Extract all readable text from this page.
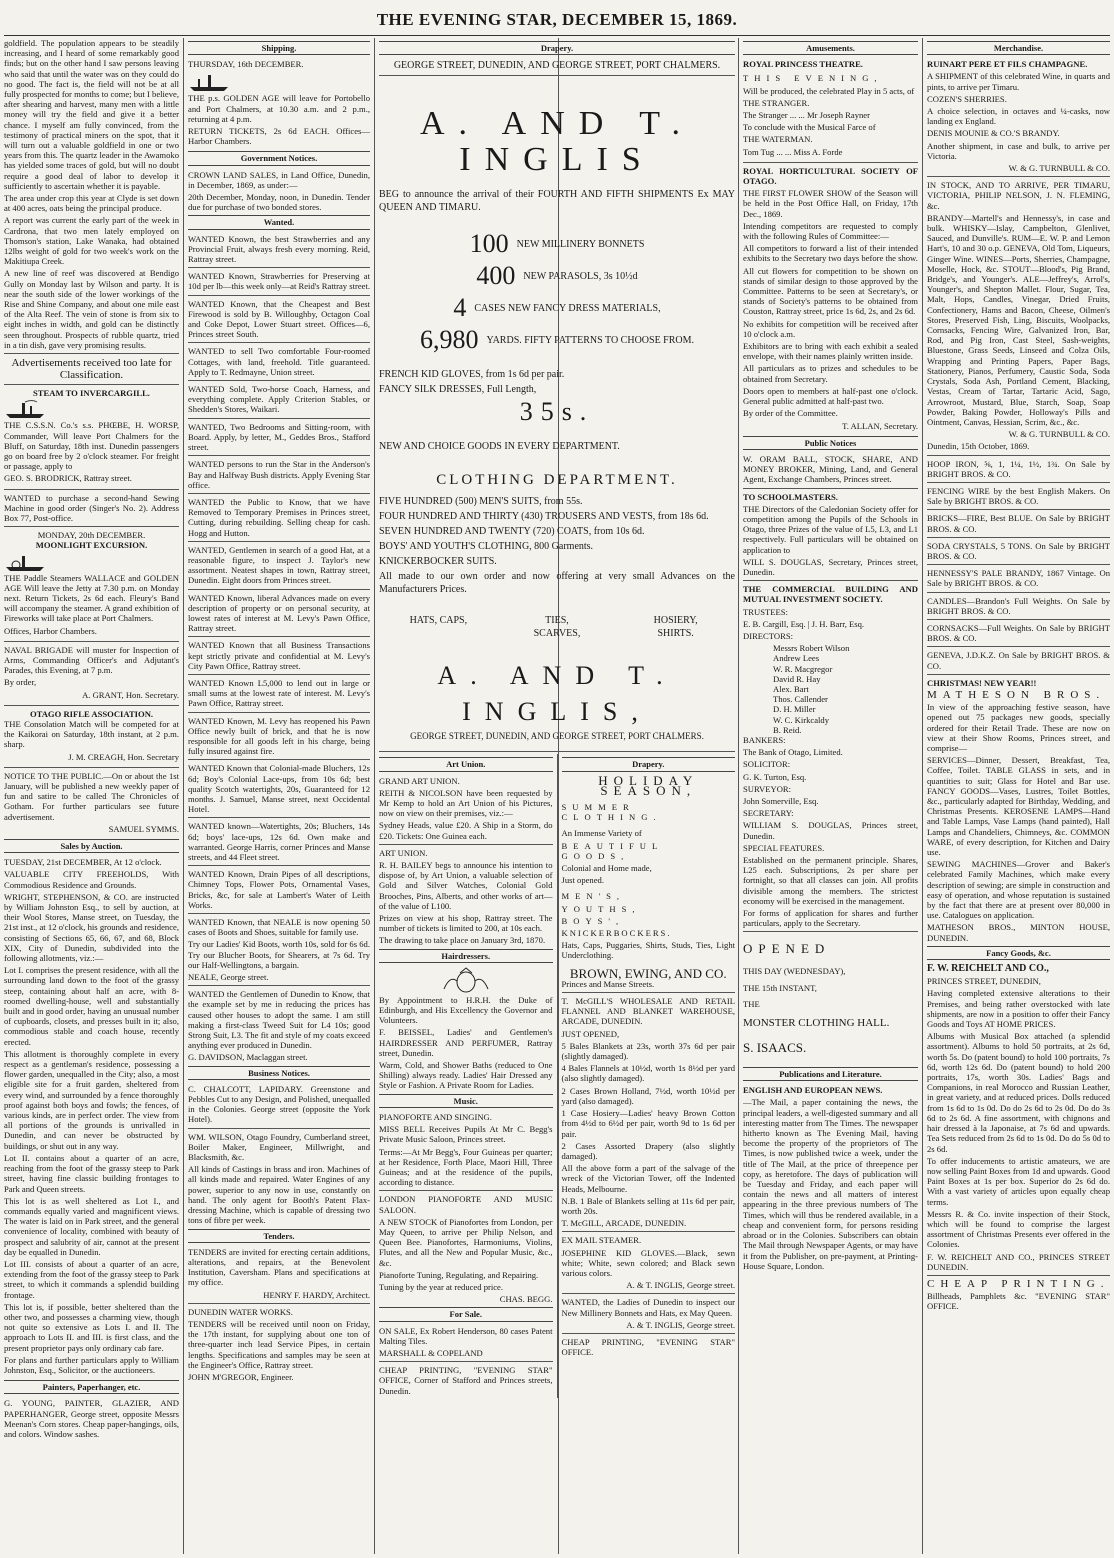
THE EVENING STAR, DECEMBER 15, 1869.

goldfield. The population appears to be steadily increasing, and I heard of some remarkably good finds; but on the other hand I saw persons leaving who said that until the water was on they could do no good. The fact is, the field will not be at all fully prospected for months to come; but I believe, after shearing and harvest, many men with a little money will try the field and give it a better chance. I myself am fully convinced, from the testimony of practical miners on the spot, that it will turn out a valuable goldfield in one or two years from this. The quartz leader in the Awamoko has yielded some traces of gold, but will no doubt require a good deal of labor to develop it sufficiently to ascertain whether it is payable.

The area under crop this year at Clyde is set down at 400 acres, oats being the principal produce.

A report was current the early part of the week in Cardrona, that two men lately employed on Thomson's station, Lake Wanaka, had obtained 12lbs weight of gold for two week's work on the Makitiupa Creek.

A new line of reef was discovered at Bendigo Gully on Monday last by Wilson and party. It is near the south side of the lower workings of the Rise and Shine Company, and about one mile east of the Alta Reef. The vein of stone is from six to eight inches in width, and gold can be distinctly seen throughout. Prospects of rubble quartz, tried in a tin dish, gave very promising results.

Advertisements received too late for Classification.
STEAM TO INVERCARGILL.

THE C.S.S.N. Co.'s s.s. PHŒBE, H. WORSP, Commander, Will leave Port Chalmers for the Bluff, on Saturday, 18th inst. Dunedin passengers go on board free by 2 o'clock steamer. For freight or passage, apply to

GEO. S. BRODRICK, Rattray street.

WANTED to purchase a second-hand Sewing Machine in good order (Singer's No. 2). Address Box 77, Post-office.

MONDAY, 20th DECEMBER.
MOONLIGHT EXCURSION.

THE Paddle Steamers WALLACE and GOLDEN AGE Will leave the Jetty at 7.30 p.m. on Monday next. Return Tickets, 2s 6d each. Fleury's Band will accompany the steamer. A grand exhibition of Fireworks will take place at Port Chalmers.

Offices, Harbor Chambers.

NAVAL BRIGADE will muster for Inspection of Arms, Commanding Officer's and Adjutant's Parades, this Evening, at 7 p.m.

By order,

A. GRANT, Hon. Secretary.

OTAGO RIFLE ASSOCIATION.

THE Consolation Match will be competed for at the Kaikorai on Saturday, 18th instant, at 2 p.m. sharp.

J. M. CREAGH, Hon. Secretary

NOTICE TO THE PUBLIC.—On or about the 1st January, will be published a new weekly paper of fun and satire to be called The Chronicles of Gotham. For further particulars see future advertisement.

SAMUEL SYMMS.

Sales by Auction.

TUESDAY, 21st DECEMBER, At 12 o'clock.

VALUABLE CITY FREEHOLDS, With Commodious Residence and Grounds.

WRIGHT, STEPHENSON, & CO. are instructed by William Johnston Esq., to sell by auction, at their Wool Stores, Manse street, on Tuesday, the 21st inst., at 12 o'clock, his grounds and residence, consisting of Sections 65, 66, 67, and 68, Block XIX, City of Dunedin, subdivided into the following allotments, viz.:—

Lot I. comprises the present residence, with all the surrounding land down to the foot of the grassy steep, containing about half an acre, with 8-roomed dwelling-house, well and substantially built and in good order, having an unusual number of cupboards, closets, and presses built in it; also, commodious stable and coach house, recently erected.

This allotment is thoroughly complete in every respect as a gentleman's residence, possessing a flower garden, unequalled in the City; also, a most eligible site for a fruit garden, sheltered from every wind, and surrounded by a fence thoroughly proof against both boys and fowls; the fences, of various kinds, are in perfect order. The view from all portions of the grounds is unrivalled in Dunedin, and can never be obstructed by buildings, or shut out in any way.

Lot II. contains about a quarter of an acre, reaching from the foot of the grassy steep to Park street, having fine classic building frontages to Park and Queen streets.

This lot is as well sheltered as Lot I., and commands equally varied and magnificent views. The water is laid on in Park street, and the general convenience of locality, combined with beauty of prospect and salubrity of air, cannot at the present day be equalled in Dunedin.

Lot III. consists of about a quarter of an acre, extending from the foot of the grassy steep to Park street, to which it commands a splendid building frontage.

This lot is, if possible, better sheltered than the other two, and possesses a charming view, though not quite so extensive as Lots I. and II. The approach to Lots II. and III. is first class, and the present proprietor pays only ordinary cab fare.

For plans and further particulars apply to William Johnston, Esq., Solicitor, or the auctioneers.

Painters, Paperhanger, etc.

G. YOUNG, PAINTER, GLAZIER, AND PAPERHANGER, George street, opposite Messrs Meenan's Corn stores. Cheap paper-hangings, oils, and colors. Window sashes.

Shipping.

THURSDAY, 16th DECEMBER.

THE p.s. GOLDEN AGE will leave for Portobello and Port Chalmers, at 10.30 a.m. and 2 p.m., returning at 4 p.m.

RETURN TICKETS, 2s 6d EACH. Offices—Harbor Chambers.

Government Notices.

CROWN LAND SALES, in Land Office, Dunedin, in December, 1869, as under:—

20th December, Monday, noon, in Dunedin. Tender due for purchase of two bonded stores.

Wanted.

WANTED Known, the best Strawberries and any Provincial Fruit, always fresh every morning. Reid, Rattray street.

WANTED Known, Strawberries for Preserving at 10d per lb—this week only—at Reid's Rattray street.

WANTED Known, that the Cheapest and Best Firewood is sold by B. Willoughby, Octagon Coal and Coke Depot, Lower Stuart street. Offices—6, Princes street South.

WANTED to sell Two comfortable Four-roomed Cottages, with land, freehold. Title guaranteed. Apply to T. Redmayne, Union street.

WANTED Sold, Two-horse Coach, Harness, and everything complete. Apply Criterion Stables, or Shedden's Stores, Waikari.

WANTED, Two Bedrooms and Sitting-room, with Board. Apply, by letter, M., Geddes Bros., Stafford street.

WANTED persons to run the Star in the Anderson's Bay and Halfway Bush districts. Apply Evening Star office.

WANTED the Public to Know, that we have Removed to Temporary Premises in Princes street, Cutting, during rebuilding. Selling cheap for cash. Hogg and Hutton.

WANTED, Gentlemen in search of a good Hat, at a reasonable figure, to inspect J. Taylor's new assortment. Neatest shapes in town, Rattray street, Dunedin. Eight doors from Princes street.

WANTED Known, liberal Advances made on every description of property or on personal security, at lowest rates of interest at M. Levy's Pawn Office, Rattray street.

WANTED Known that all Business Transactions kept strictly private and confidential at M. Levy's City Pawn Office, Rattray street.

WANTED Known L5,000 to lend out in large or small sums at the lowest rate of interest. M. Levy's Pawn Office, Rattray street.

WANTED Known, M. Levy has reopened his Pawn Office newly built of brick, and that he is now responsible for all goods left in his charge, being fully insured against fire.

WANTED Known that Colonial-made Bluchers, 12s 6d; Boy's Colonial Lace-ups, from 10s 6d; best quality Scotch watertights, 20s, Guaranteed for 12 months. J. Samuel, Manse street, next Occidental Hotel.

WANTED known—Watertights, 20s; Bluchers, 14s 6d; boys' lace-ups, 12s 6d. Own make and warranted. George Harris, corner Princes and Manse streets, and 44 Fleet street.

WANTED Known, Drain Pipes of all descriptions, Chimney Tops, Flower Pots, Ornamental Vases, Bricks, &c, for sale at Lambert's Water of Leith Works.

WANTED Known, that NEALE is now opening 50 cases of Boots and Shoes, suitable for family use.

Try our Ladies' Kid Boots, worth 10s, sold for 6s 6d. Try our Blucher Boots, for Shearers, at 7s 6d. Try our Half-Wellingtons, a bargain.

NEALE, George street.

WANTED the Gentlemen of Dunedin to Know, that the example set by me in reducing the prices has caused other houses to adopt the same. I am still making a first-class Tweed Suit for L4 10s; good Strong Suit, L3. The fit and style of my coats exceed anything ever produced in Dunedin.

G. DAVIDSON, Maclaggan street.

Business Notices.

C. CHALCOTT, LAPIDARY. Greenstone and Pebbles Cut to any Design, and Polished, unequalled in the Colonies. George street (opposite the York Hotel).

WM. WILSON, Otago Foundry, Cumberland street, Boiler Maker, Engineer, Millwright, and Blacksmith, &c.

All kinds of Castings in brass and iron. Machines of all kinds made and repaired. Water Engines of any power, superior to any now in use, constantly on hand. The only agent for Booth's Patent Flax-dressing Machine, which is capable of dressing two tons of fibre per week.

Tenders.

TENDERS are invited for erecting certain additions, alterations, and repairs, at the Benevolent Institution, Caversham. Plans and specifications at my office.

HENRY F. HARDY, Architect.

DUNEDIN WATER WORKS.

TENDERS will be received until noon on Friday, the 17th instant, for supplying about one ton of three-quarter inch lead Service Pipes, in certain lengths. Specifications and samples may be seen at the Engineer's Office, Rattray street.

JOHN M'GREGOR, Engineer.

Drapery.
GEORGE STREET, DUNEDIN, AND GEORGE STREET, PORT CHALMERS.
A. AND T. INGLIS

BEG to announce the arrival of their FOURTH AND FIFTH SHIPMENTS Ex MAY QUEEN AND TIMARU.

100 NEW MILLINERY BONNETS
400 NEW PARASOLS, 3s 10½d
4 CASES NEW FANCY DRESS MATERIALS,
6,980 YARDS. FIFTY PATTERNS TO CHOOSE FROM.

FRENCH KID GLOVES, from 1s 6d per pair.

FANCY SILK DRESSES, Full Length,

35s.

NEW AND CHOICE GOODS IN EVERY DEPARTMENT.

CLOTHING DEPARTMENT.

FIVE HUNDRED (500) MEN'S SUITS, from 55s.

FOUR HUNDRED AND THIRTY (430) TROUSERS AND VESTS, from 18s 6d.

SEVEN HUNDRED AND TWENTY (720) COATS, from 10s 6d.

BOYS' AND YOUTH'S CLOTHING, 800 Garments.

KNICKERBOCKER SUITS.

All made to our own order and now offering at very small Advances on the Manufacturers Prices.

HATS, CAPS,	TIES, SCARVES,
HOSIERY, SHIRTS.
A. AND T. INGLIS,
GEORGE STREET, DUNEDIN, AND GEORGE STREET, PORT CHALMERS.
Art Union.

GRAND ART UNION.

REITH & NICOLSON have been requested by Mr Kemp to hold an Art Union of his Pictures, now on view on their premises, viz.:—

Sydney Heads, value £20. A Ship in a Storm, do £20. Tickets: One Guinea each.

ART UNION.

R. H. BAILEY begs to announce his intention to dispose of, by Art Union, a valuable selection of Gold and Silver Watches, Colonial Gold Brooches, Pins, Alberts, and other works of art—of the value of L100.

Prizes on view at his shop, Rattray street. The number of tickets is limited to 200, at 10s each.

The drawing to take place on January 3rd, 1870.

Hairdressers.

By Appointment to H.R.H. the Duke of Edinburgh, and His Excellency the Governor and Volunteers.

F. BEISSEL, Ladies' and Gentlemen's HAIRDRESSER AND PERFUMER, Rattray street, Dunedin.

Warm, Cold, and Shower Baths (reduced to One Shilling) always ready. Ladies' Hair Dressed any Style or Fashion. A Private Room for Ladies.

Music.

PIANOFORTE AND SINGING.

MISS BELL Receives Pupils At Mr C. Begg's Private Music Saloon, Princes street.

Terms:—At Mr Begg's, Four Guineas per quarter; at her Residence, Forth Place, Maori Hill, Three Guineas; and at the residence of the pupils, according to distance.

LONDON PIANOFORTE AND MUSIC SALOON.

A NEW STOCK of Pianofortes from London, per May Queen, to arrive per Philip Nelson, and Queen Bee. Pianofortes, Harmoniums, Violins, Flutes, and all the New and Popular Music, &c., &c.

Pianoforte Tuning, Regulating, and Repairing.

Tuning by the year at reduced price.

CHAS. BEGG.

For Sale.

ON SALE, Ex Robert Henderson, 80 cases Patent Malting Tiles.

MARSHALL & COPELAND

CHEAP PRINTING, "EVENING STAR" OFFICE, Corner of Stafford and Princes streets, Dunedin.

Drapery.
HOLIDAY SEASON,

SUMMER CLOTHING.

An Immense Variety of

BEAUTIFUL GOODS,

Colonial and Home made,

Just opened.

MEN'S,

YOUTHS,

BOYS',

KNICKERBOCKERS.

Hats, Caps, Puggaries, Shirts, Studs, Ties, Light Underclothing.

BROWN, EWING, AND CO.

Princes and Manse Streets.

T. McGILL'S WHOLESALE AND RETAIL FLANNEL AND BLANKET WAREHOUSE, ARCADE, DUNEDIN.

JUST OPENED,

5 Bales Blankets at 23s, worth 37s 6d per pair (slightly damaged).

4 Bales Flannels at 10½d, worth 1s 8½d per yard (also slightly damaged).

2 Cases Brown Holland, 7½d, worth 10½d per yard (also damaged).

1 Case Hosiery—Ladies' heavy Brown Cotton from 4½d to 6½d per pair, worth 9d to 1s 6d per pair.

2 Cases Assorted Drapery (also slightly damaged).

All the above form a part of the salvage of the wreck of the Victorian Tower, off the Indented Heads, Melbourne.

N.B. 1 Bale of Blankets selling at 11s 6d per pair, worth 20s.

T. McGILL, ARCADE, DUNEDIN.

EX MAIL STEAMER.

JOSEPHINE KID GLOVES.—Black, sewn white; White, sewn colored; and Black sewn various colors.

A. & T. INGLIS, George street.

WANTED, the Ladies of Dunedin to inspect our New Millinery Bonnets and Hats, ex May Queen.

A. & T. INGLIS, George street.

CHEAP PRINTING, "EVENING STAR" OFFICE.

Amusements.

ROYAL PRINCESS THEATRE.

THIS EVENING,

Will be produced, the celebrated Play in 5 acts, of

THE STRANGER.

The Stranger ... ... Mr Joseph Rayner

To conclude with the Musical Farce of

THE WATERMAN.

Tom Tug ... ... Miss A. Forde

ROYAL HORTICULTURAL SOCIETY OF OTAGO.

THE FIRST FLOWER SHOW of the Season will be held in the Post Office Hall, on Friday, 17th Dec., 1869.

Intending competitors are requested to comply with the following Rules of Committee:—

All competitors to forward a list of their intended exhibits to the Secretary two days before the show.

All cut flowers for competition to be shown on stands of similar design to those approved by the Committee. Patterns to be seen at Secretary's, or stands of Society's patterns to be obtained from Couston, Rattray street, price 1s 6d, 2s, and 2s 6d.

No exhibits for competition will be received after 10 o'clock a.m.

Exhibitors are to bring with each exhibit a sealed envelope, with their names plainly written inside.

All particulars as to prizes and schedules to be obtained from Secretary.

Doors open to members at half-past one o'clock. General public admitted at half-past two.

By order of the Committee.

T. ALLAN, Secretary.

Public Notices

W. ORAM BALL, STOCK, SHARE, AND MONEY BROKER, Mining, Land, and General Agent, Exchange Chambers, Princes street.

TO SCHOOLMASTERS.

THE Directors of the Caledonian Society offer for competition among the Pupils of the Schools in Otago, three Prizes of the value of L5, L3, and L1 respectively. Full particulars will be obtained on application to

WILL S. DOUGLAS, Secretary, Princes street, Dunedin.

THE COMMERCIAL BUILDING AND MUTUAL INVESTMENT SOCIETY.

TRUSTEES:

E. B. Cargill, Esq. | J. H. Barr, Esq.

DIRECTORS:

Messrs Robert Wilson
Andrew Lees
W. R. Macgregor
David R. Hay
Alex. Bart
Thos. Callender
D. H. Miller
W. C. Kirkcaldy
B. Reid.

BANKERS:

The Bank of Otago, Limited.

SOLICITOR:

G. K. Turton, Esq.

SURVEYOR:

John Somerville, Esq.

SECRETARY:

WILLIAM S. DOUGLAS, Princes street, Dunedin.

SPECIAL FEATURES.

Established on the permanent principle. Shares, L25 each. Subscriptions, 2s per share per fortnight, so that all classes can join. All profits divisible among the members. The strictest economy will be exercised in the management.

For forms of application for shares and further particulars, apply to the Secretary.

OPENED

THIS DAY (WEDNESDAY),

THE 15th INSTANT,

THE

MONSTER CLOTHING HALL.

S. ISAACS.

Publications and Literature.

ENGLISH AND EUROPEAN NEWS.

—The Mail, a paper containing the news, the principal leaders, a well-digested summary and all interesting matter from The Times. The newspaper hitherto known as The Evening Mail, having become the property of the proprietors of The Times, is now published twice a week, under the title of The Mail, at the price of threepence per copy, as heretofore. The days of publication will be Tuesday and Friday, and each paper will contain the news and all matters of interest appearing in the three previous numbers of The Times, which will thus be rendered available, in a cheap and convenient form, for persons residing abroad or in the Colonies. Subscribers can obtain The Mail through Newspaper Agents, or may have it from the Publisher, on pre-payment, at Printing-House Square, London.

Merchandise.

RUINART PERE ET FILS CHAMPAGNE.

A SHIPMENT of this celebrated Wine, in quarts and pints, to arrive per Timaru.

COZEN'S SHERRIES.

A choice selection, in octaves and ¼-casks, now landing ex England.

DENIS MOUNIE & CO.'S BRANDY.

Another shipment, in case and bulk, to arrive per Victoria.

W. & G. TURNBULL & CO.

IN STOCK, AND TO ARRIVE, PER TIMARU, VICTORIA, PHILIP NELSON, J. N. FLEMING, &c.

BRANDY—Martell's and Hennessy's, in case and bulk. WHISKY—Islay, Campbelton, Glenlivet, Sauced, and Dunville's. RUM—E. W. P. and Lemon Hart's, 10 and 30 o.p. GENEVA, Old Tom, Liqueurs, Ginger Wine. WINES—Ports, Sherries, Champagne, Moselle, Hock, &c. STOUT—Blood's, Pig Brand, Bridge's, and Younger's. ALE—Jeffrey's, Arrol's, Younger's, and Shepton Mallet. Flour, Sugar, Tea, Malt, Hops, Candles, Vinegar, Dried Fruits, Confectionery, Hams and Bacon, Cheese, Oilmen's Stores, Preserved Fish, Ling, Biscuits, Woolpacks, Cornsacks, Fencing Wire, Galvanized Iron, Bar, Rod, and Pig Iron, Cast Steel, Sash-weights, Bluestone, Grass Seeds, Linseed and Colza Oils, Wrapping and Printing Papers, Paper Bags, Stationery, Pianos, Perfumery, Caustic Soda, Soda Crystals, Soda Ash, Portland Cement, Blacking, Vestas, Cream of Tartar, Tartaric Acid, Sago, Arrowroot, Mustard, Blue, Starch, Soap, Soap Powder, Baking Powder, Holloway's Pills and Ointment, Canvas, Hessian, Scrim, &c., &c.

W. & G. TURNBULL & CO.

Dunedin, 15th October, 1869.

HOOP IRON, ⅝, 1, 1¼, 1½, 1¾. On Sale by BRIGHT BROS. & CO.

FENCING WIRE by the best English Makers. On Sale by BRIGHT BROS. & CO.

BRICKS—FIRE, Best BLUE. On Sale by BRIGHT BROS. & CO.

SODA CRYSTALS, 5 TONS. On Sale by BRIGHT BROS. & CO.

HENNESSY'S PALE BRANDY, 1867 Vintage. On Sale by BRIGHT BROS. & CO.

CANDLES—Brandon's Full Weights. On Sale by BRIGHT BROS. & CO.

CORNSACKS—Full Weights. On Sale by BRIGHT BROS. & CO.

GENEVA, J.D.K.Z. On Sale by BRIGHT BROS. & CO.

CHRISTMAS! NEW YEAR!!

MATHESON BROS.

In view of the approaching festive season, have opened out 75 packages new goods, specially ordered for their Retail Trade. These are now on view at their Show Rooms, Princes street, and comprise—

SERVICES—Dinner, Dessert, Breakfast, Tea, Coffee, Toilet. TABLE GLASS in sets, and in quantities to suit; Glass for Hotel and Bar use. FANCY GOODS—Vases, Lustres, Toilet Bottles, &c., particularly adapted for Birthday, Wedding, and Christmas Presents. KEROSENE LAMPS—Hand and Table Lamps, Vase Lamps (hand painted), Hall Lamps and Chandeliers, Chimneys, &c. COMMON WARE, of every description, for Kitchen and Dairy use.

SEWING MACHINES—Grover and Baker's celebrated Family Machines, which make every description of sewing; are simple in construction and easy of operation, and whose reputation is sustained by the fact that there are at present over 80,000 in use. Catalogues on application.

MATHESON BROS., MINTON HOUSE, DUNEDIN.

Fancy Goods, &c.

F. W. REICHELT AND CO.,

PRINCES STREET, DUNEDIN,

Having completed extensive alterations to their Premises, and being rather overstocked with late shipments, are now in a position to offer their Fancy Goods and Toys AT HOME PRICES.

Albums with Musical Box attached (a splendid assortment). Albums to hold 50 portraits, at 2s 6d, worth 5s. Do (patent bound) to hold 100 portraits, 7s 6d, worth 12s 6d. Do (patent bound) to hold 200 portraits, 17s, worth 30s. Ladies' Bags and Companions, in real Morocco and Russian Leather, in great variety, and at reduced prices. Dolls reduced from 1s 6d to 1s 0d. Do do 2s 6d to 2s 0d. Do do 3s 6d to 2s 6d. A fine assortment, with chignons and hair dressed à la Japonaise, at 7s 6d and upwards. Tea Sets reduced from 2s 6d to 1s 0d. Do do 5s 0d to 2s 6d.

To offer inducements to artistic amateurs, we are now selling Paint Boxes from 1d and upwards. Good Paint Boxes at 1s per box. Superior do 2s 6d do. With a vast variety of articles upon equally cheap terms.

Messrs R. & Co. invite inspection of their Stock, which will be found to comprise the largest assortment of Christmas Presents ever offered in the Colonies.

F. W. REICHELT AND CO., PRINCES STREET DUNEDIN.

CHEAP PRINTING.

Billheads, Pamphlets &c. "EVENING STAR" OFFICE.
